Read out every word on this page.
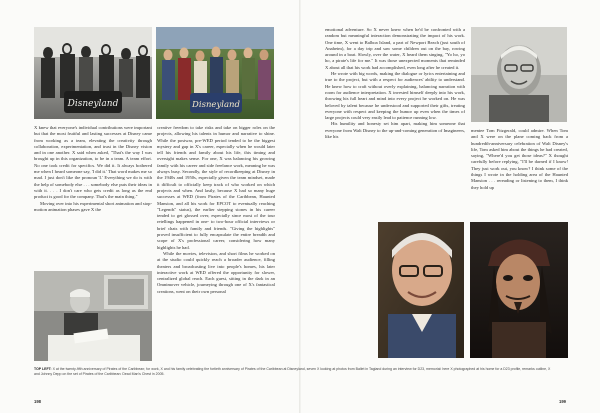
Disneyland	Disneyland

X knew that everyone's individual contributions were important but that the most fruitful and lasting successes at Disney came from working as a team, elevating the creativity through collaboration, experimentation, and trust in the Disney vision and in one another. X said when asked, "That's the way I was brought up in this organization, to be in a team. A team effort. No one took credit for specifics. We did it. It always bothered me when I heard someone say, 'I did it.' That word makes me so mad. I just don't like the pronoun 'I.' Everything we do is with the help of somebody else . . . somebody else puts their ideas in with it. . . . I don't care who gets credit as long as the end product is good for the company. That's the main thing."

Moving over into his experimental short animation and stop-motion animation phases gave X the

creative freedom to take risks and take on bigger roles on the projects, allowing his talents in humor and narrative to shine. While the postwar, pre-WED period tended to be the biggest mystery and gap in X's career, especially when he would later tell his friends and family about his life, this timing and oversight makes sense. For one, X was balancing his growing family with his career and side freelance work, meaning he was always busy. Secondly, the style of recordkeeping at Disney in the 1940s and 1950s, especially given the team mindset, made it difficult to officially keep track of who worked on which projects and when. And lastly, because X had so many huge successes at WED (from Pirates of the Caribbean, Haunted Mansion, and all his work for EPCOT to eventually reaching "Legends" status), the earlier stepping stones in his career tended to get glossed over, especially since most of the tour retellings happened in one- to two-hour official interviews or brief chats with family and friends. "Giving the highlights" proved insufficient to fully encapsulate the entire breadth and scope of X's professional career, considering how many highlights he had.

While the movies, television, and short films he worked on at the studio could quickly reach a broader audience, filling theaters and broadcasting live into people's homes, his later interactive work at WED offered the opportunity for slower, centralized global reach. Each guest, sitting in the dark in an Omnimover vehicle, journeying through one of X's fantastical creations, went on their own personal

emotional adventure. So X never knew when he'd be confronted with a random but meaningful interaction demonstrating the impact of his work. One time, X went to Balboa Island, a part of Newport Beach (just south of Anaheim), for a day trip and saw some children out on the bay, rowing around in a boat. Slowly, over the water, X heard them singing, "Yo ho, yo ho, a pirate's life for me." It was those unexpected moments that reminded X about all that his work had accomplished, even long after he created it.

He wrote with big words, making the dialogue or lyrics entertaining and true to the project, but with a respect for audiences' ability to understand. He knew how to craft without overly explaining, balancing narration with room for audience interpretation. X invested himself deeply into his work, throwing his full heart and mind into every project he worked on. He was beloved by talent because he understood and supported their gifts, treating everyone with respect and keeping the humor up even when the times of large projects could very easily lead to patience running low.

His humility and honesty set him apart, making him someone that everyone from Walt Disney to the up-and-coming generation of Imagineers, like his

mentee Tom Fitzgerald, could admire. When Tom and X were on the plane coming back from a hundredth-anniversary celebration of Walt Disney's life, Tom asked him about the things he had created, saying, "Where'd you get those ideas?" X thought carefully before replying, "I'll be darned if I know! They just work out, you know? I think some of the things I wrote in the holding area of the Haunted Mansion . . . rereading or listening to them, I think they hold up

TOP LEFT: X at the twenty-fifth anniversary of Pirates of the Caribbean; for work, X and his family celebrating the fortieth anniversary of Pirates of the Caribbean at Disneyland, seven X looking at photos from Ballet in Tagland during an interview for D23, memorial: here X photographed at his home for a D23 profile, remarks outline, X and Johnny Depp on the set of Pirates of the Caribbean: Dead Man's Chest in 2005.
198	199
